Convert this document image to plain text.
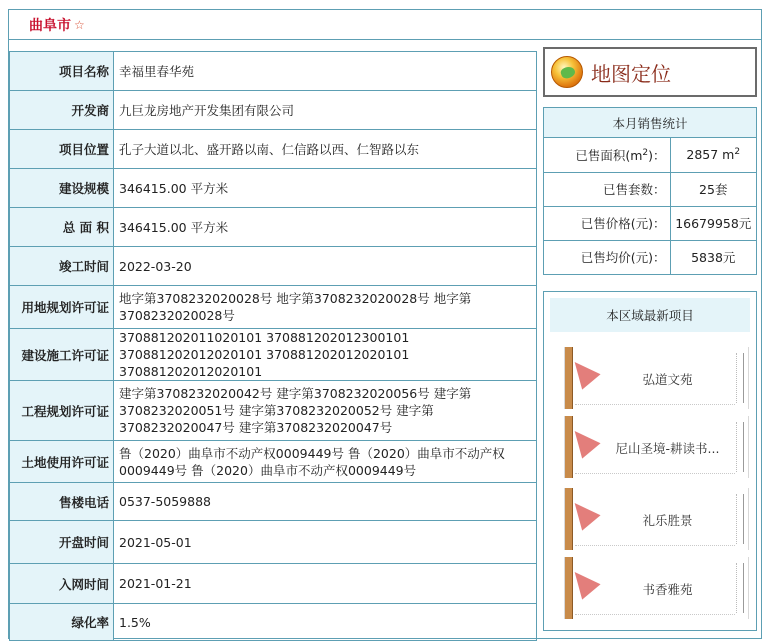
曲阜市 ☆
项目名称	幸福里春华苑
开发商	九巨龙房地产开发集团有限公司
项目位置	孔子大道以北、盛开路以南、仁信路以西、仁智路以东
建设规模	346415.00 平方米
总 面 积	346415.00 平方米
竣工时间	2022-03-20
用地规划许可证	地字第3708232020028号 地字第3708232020028号 地字第3708232020028号
建设施工许可证	370881202011020101 370881202012300101 370881202012020101 370881202012020101 370881202012020101
工程规划许可证	建字第3708232020042号 建字第3708232020056号 建字第3708232020051号 建字第3708232020052号 建字第3708232020047号 建字第3708232020047号
土地使用许可证	鲁（2020）曲阜市不动产权0009449号 鲁（2020）曲阜市不动产权0009449号 鲁（2020）曲阜市不动产权0009449号
售楼电话	0537-5059888
开盘时间	2021-05-01
入网时间	2021-01-21
绿化率	1.5%
地图定位
本月销售统计
已售面积$(m^2)$：	2857 $m^2$
已售套数：	25套
已售价格(元)：	16679958元
已售均价(元)：	5838元
本区域最新项目
弘道文苑
尼山圣境-耕读书...
礼乐胜景
书香雅苑
